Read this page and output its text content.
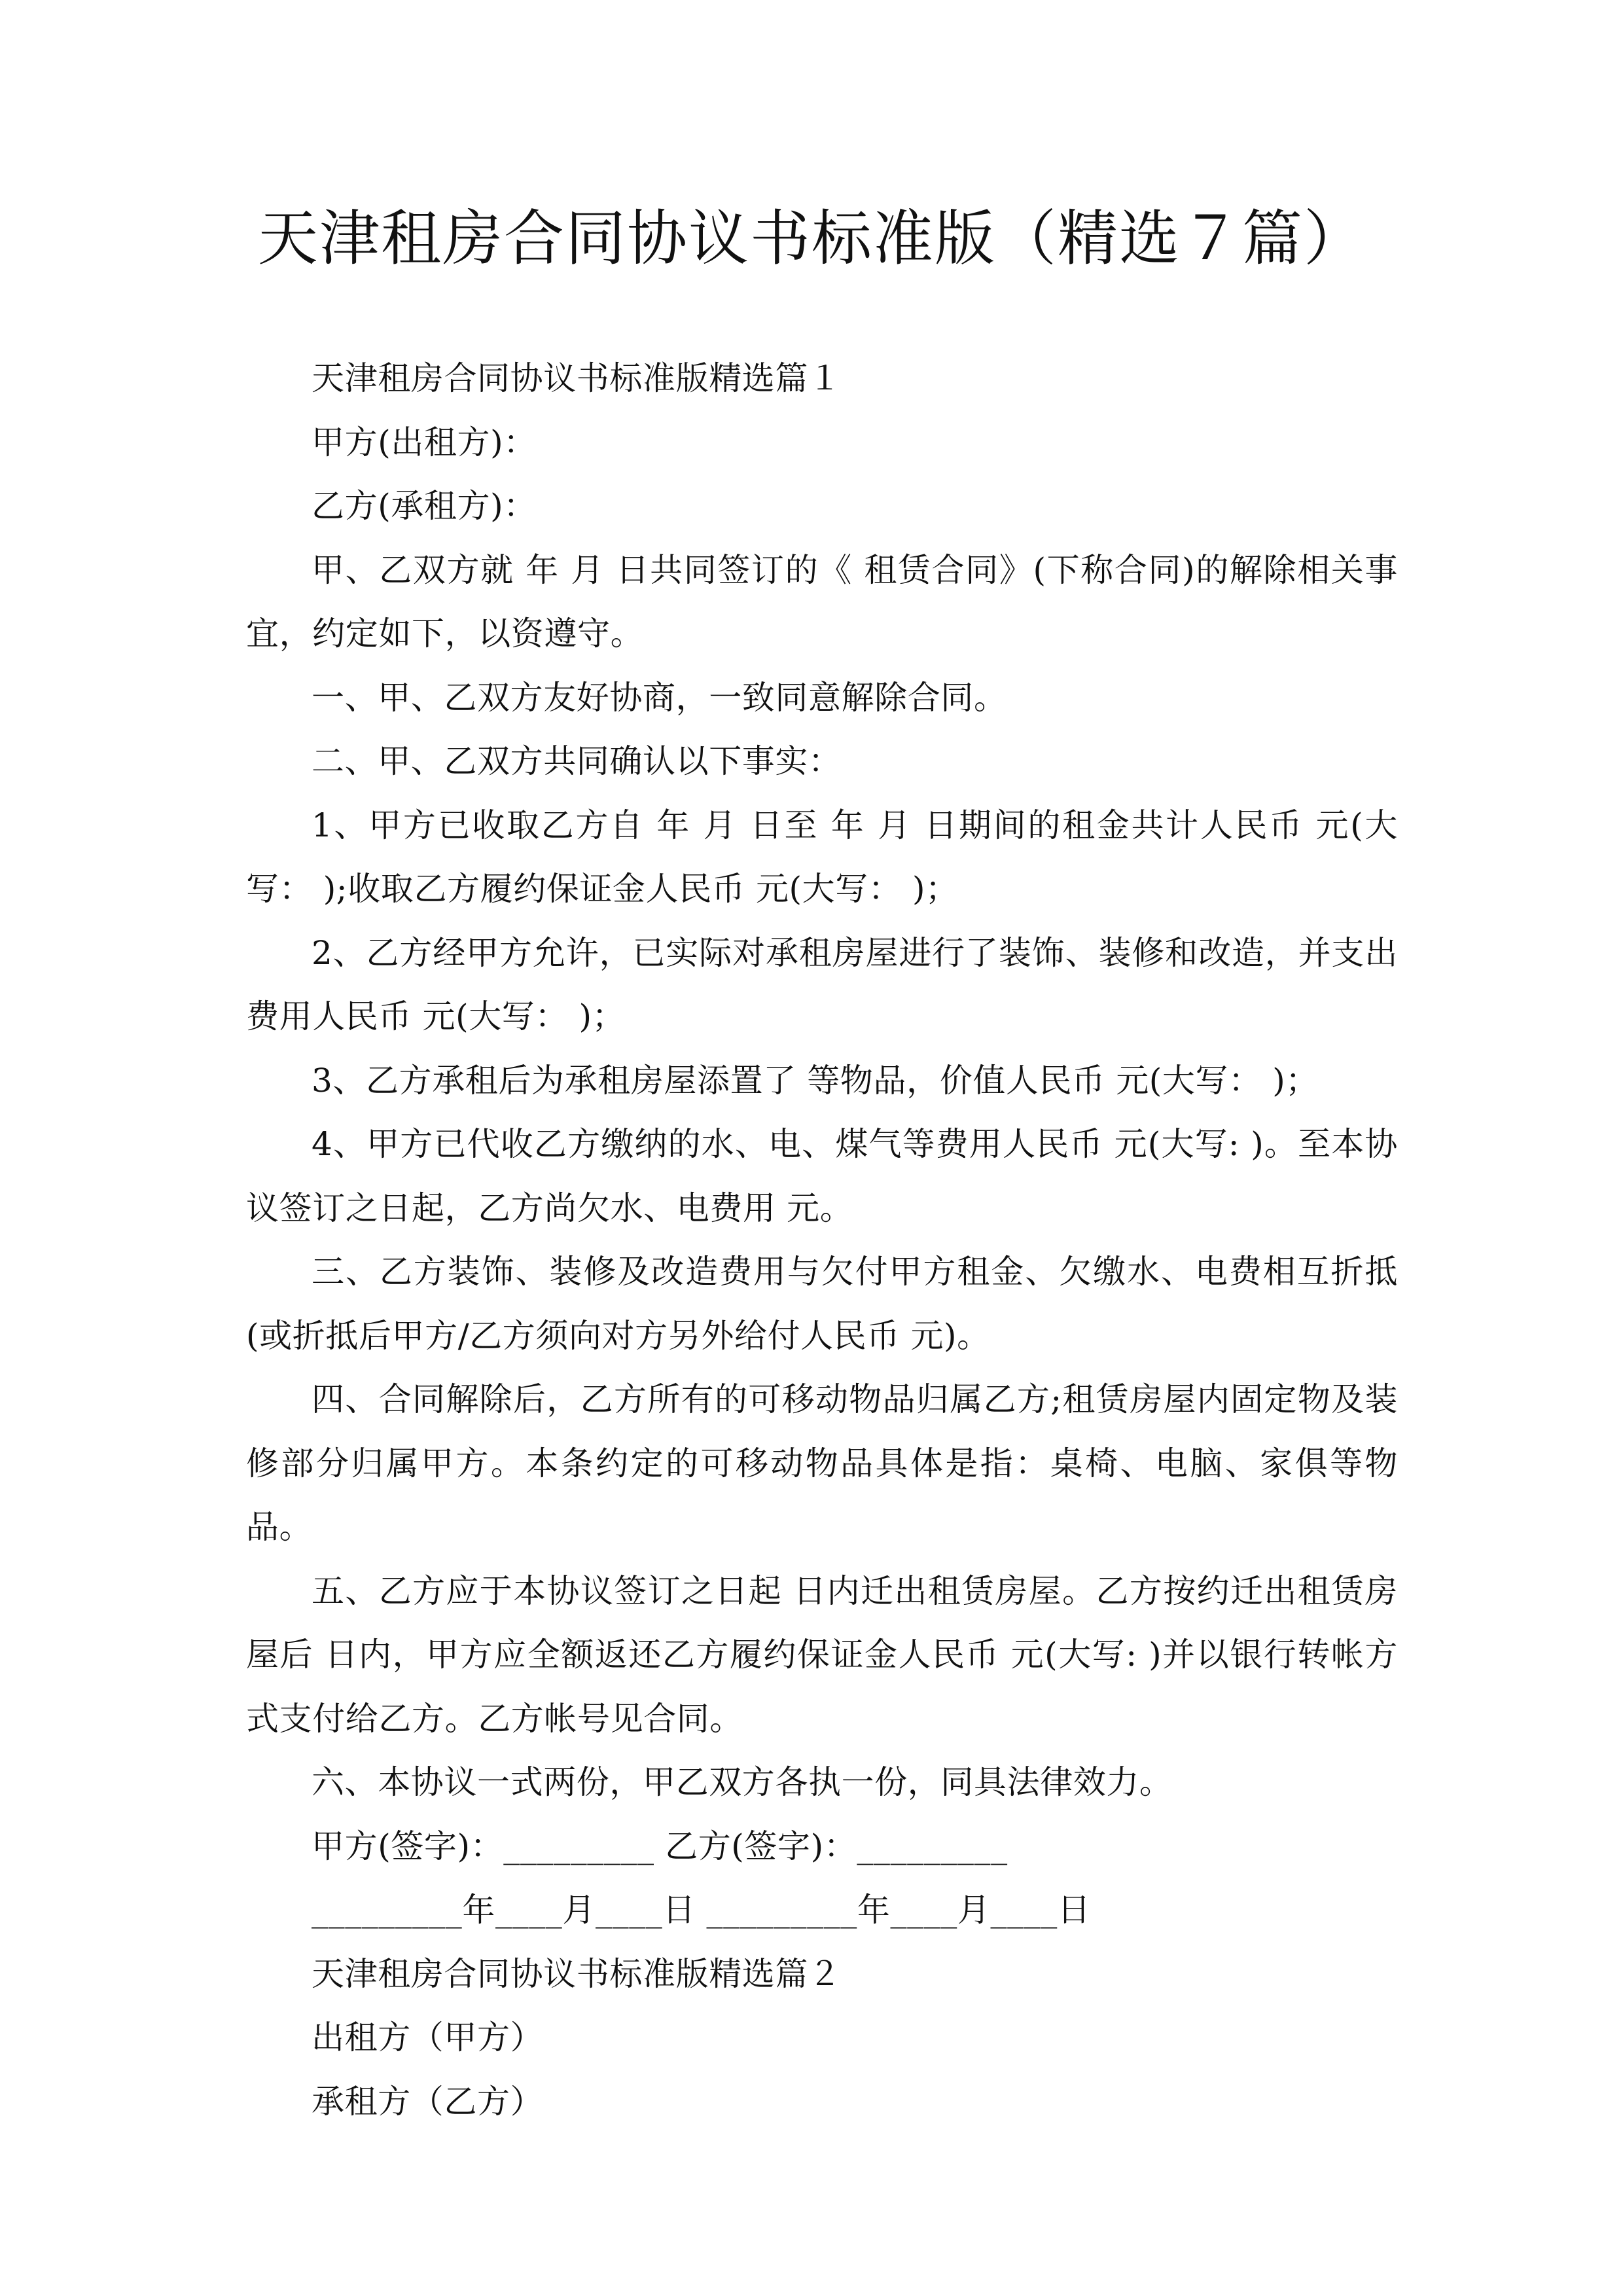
天津租房合同协议书标准版（精选７篇）

天津租房合同协议书标准版精选篇１

甲方(出租方)：

乙方(承租方)：

甲、乙双方就 年 月 日共同签订的《 租赁合同》(下称合同)的解除相关事宜，约定如下，以资遵守。

一、甲、乙双方友好协商，一致同意解除合同。

二、甲、乙双方共同确认以下事实：

1、甲方已收取乙方自 年 月 日至 年 月 日期间的租金共计人民币 元(大写： );收取乙方履约保证金人民币 元(大写： )；

2、乙方经甲方允许，已实际对承租房屋进行了装饰、装修和改造，并支出费用人民币 元(大写： )；

3、乙方承租后为承租房屋添置了 等物品，价值人民币 元(大写： )；

4、甲方已代收乙方缴纳的水、电、煤气等费用人民币 元(大写: )。至本协议签订之日起，乙方尚欠水、电费用 元。

三、乙方装饰、装修及改造费用与欠付甲方租金、欠缴水、电费相互折抵(或折抵后甲方/乙方须向对方另外给付人民币 元)。

四、合同解除后，乙方所有的可移动物品归属乙方;租赁房屋内固定物及装修部分归属甲方。本条约定的可移动物品具体是指：桌椅、电脑、家俱等物品。

五、乙方应于本协议签订之日起 日内迁出租赁房屋。乙方按约迁出租赁房屋后 日内，甲方应全额返还乙方履约保证金人民币 元(大写: )并以银行转帐方式支付给乙方。乙方帐号见合同。

六、本协议一式两份，甲乙双方各执一份，同具法律效力。

甲方(签字)：_________ 乙方(签字)：_________

_________年____月____日 _________年____月____日

天津租房合同协议书标准版精选篇２

出租方（甲方）

承租方（乙方）
